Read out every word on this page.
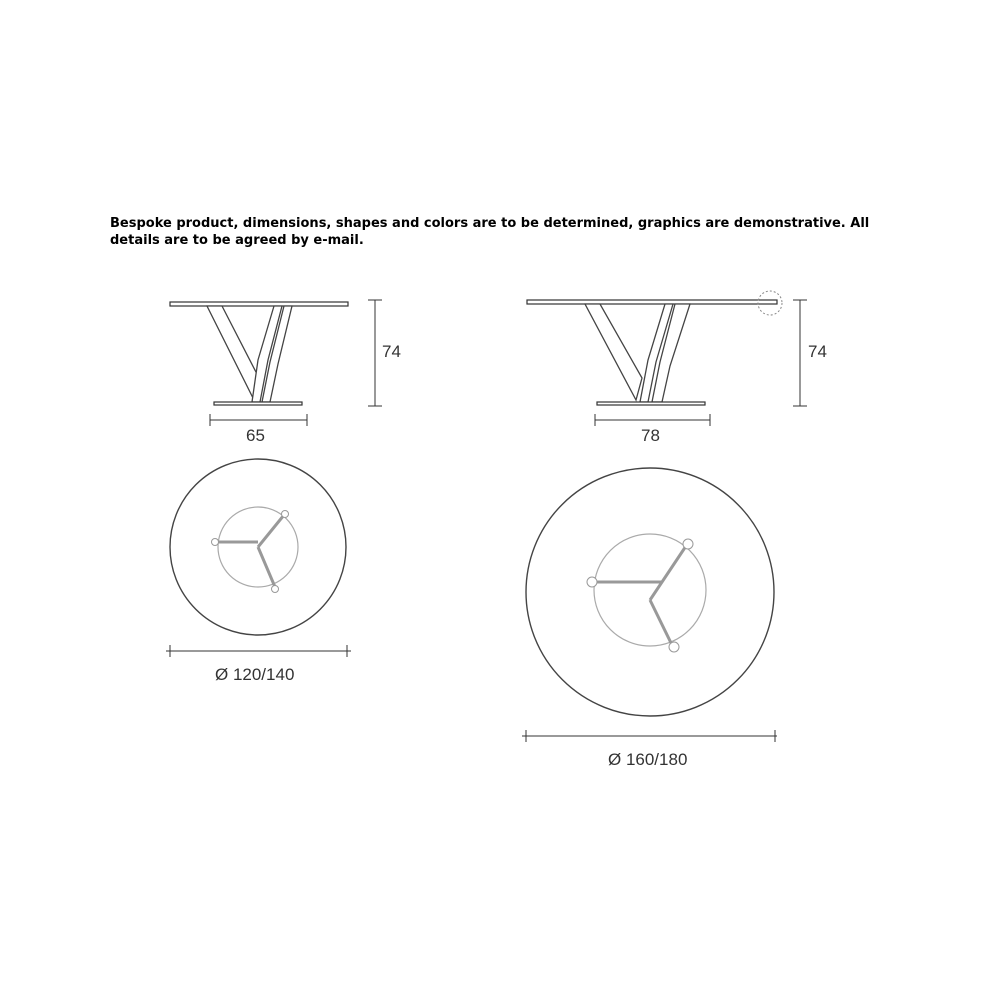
Bespoke product, dimensions, shapes and colors are to be determined, graphics are demonstrative. All details are to be agreed by e-mail.
74
65
Ø 120/140
74
78
Ø 160/180
